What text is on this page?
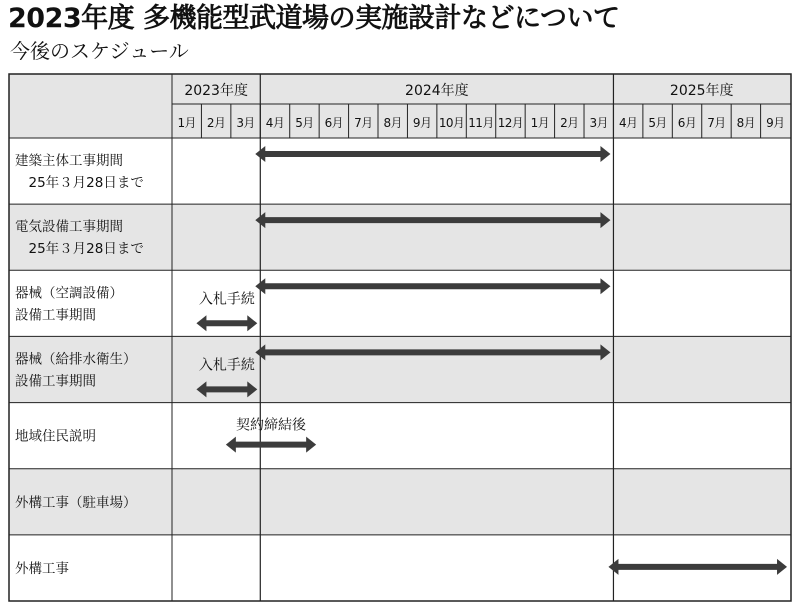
2023年度 多機能型武道場の実施設計などについて
今後のスケジュール
2023年度	2024年度	2025年度
1月 2月 3月 4月 5月 6月 7月 8月 9月 10月 11月 12月 1月 2月 3月 4月 5月 6月 7月 8月 9月
建築主体工事期間
　25年３月28日まで
電気設備工事期間
　25年３月28日まで
器械（空調設備）
設備工事期間
器械（給排水衛生）
設備工事期間
地域住民説明
外構工事（駐車場）
外構工事
入札手続
入札手続
契約締結後
